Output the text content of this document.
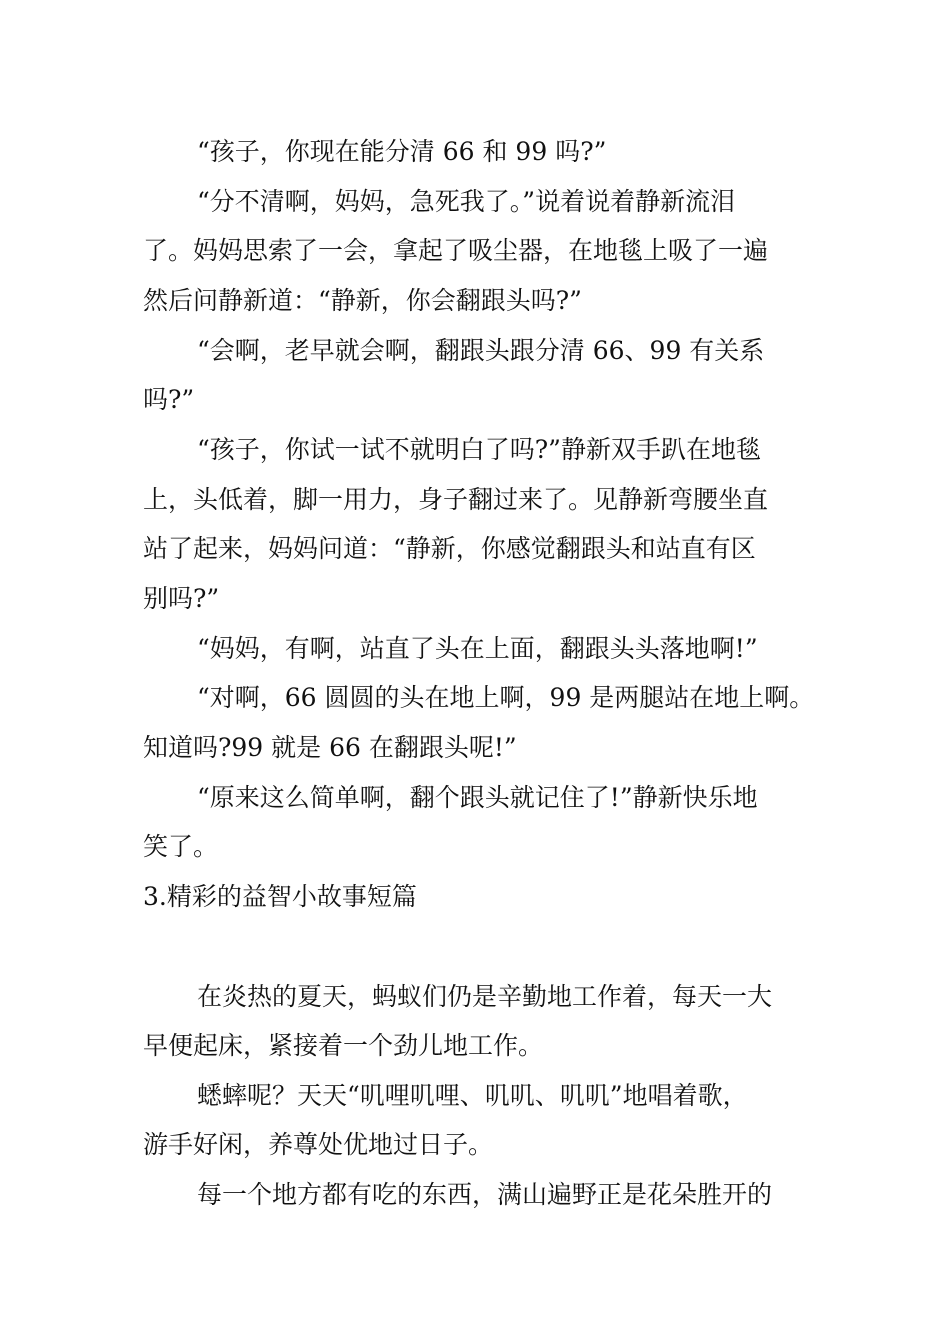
“孩子，你现在能分清 66 和 99 吗?”
“分不清啊，妈妈，急死我了。”说着说着静新流泪
了。妈妈思索了一会，拿起了吸尘器，在地毯上吸了一遍
然后问静新道：“静新，你会翻跟头吗?”
“会啊，老早就会啊，翻跟头跟分清 66、99 有关系
吗?”
“孩子，你试一试不就明白了吗?”静新双手趴在地毯
上，头低着，脚一用力，身子翻过来了。见静新弯腰坐直
站了起来，妈妈问道：“静新，你感觉翻跟头和站直有区
别吗?”
“妈妈，有啊，站直了头在上面，翻跟头头落地啊!”
“对啊，66 圆圆的头在地上啊，99 是两腿站在地上啊。
知道吗?99 就是 66 在翻跟头呢!”
“原来这么简单啊，翻个跟头就记住了!”静新快乐地
笑了。
3.精彩的益智小故事短篇
在炎热的夏天，蚂蚁们仍是辛勤地工作着，每天一大
早便起床，紧接着一个劲儿地工作。
蟋蟀呢？天天“叽哩叽哩、叽叽、叽叽”地唱着歌，
游手好闲，养尊处优地过日子。
每一个地方都有吃的东西，满山遍野正是花朵胜开的
